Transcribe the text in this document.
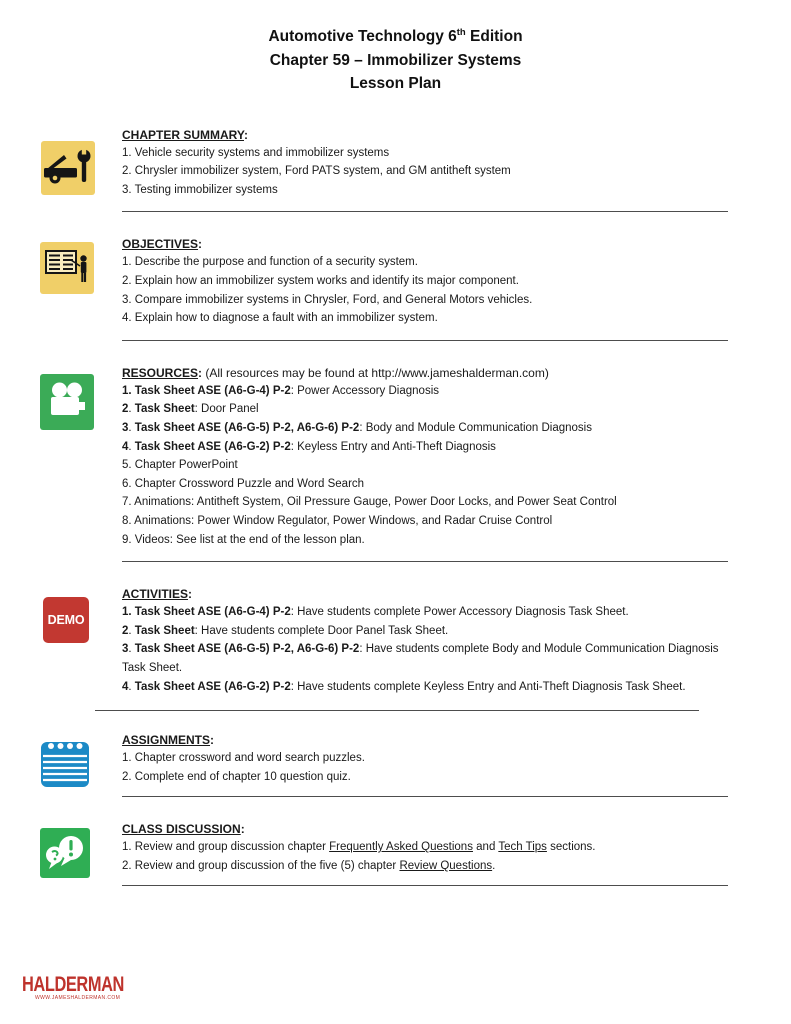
Automotive Technology 6th Edition
Chapter 59 – Immobilizer Systems
Lesson Plan
CHAPTER SUMMARY:
1. Vehicle security systems and immobilizer systems
2. Chrysler immobilizer system, Ford PATS system, and GM antitheft system
3. Testing immobilizer systems
OBJECTIVES:
1. Describe the purpose and function of a security system.
2. Explain how an immobilizer system works and identify its major component.
3. Compare immobilizer systems in Chrysler, Ford, and General Motors vehicles.
4. Explain how to diagnose a fault with an immobilizer system.
RESOURCES: (All resources may be found at http://www.jameshalderman.com)
1. Task Sheet ASE (A6-G-4) P-2: Power Accessory Diagnosis
2. Task Sheet: Door Panel
3. Task Sheet ASE (A6-G-5) P-2, A6-G-6) P-2: Body and Module Communication Diagnosis
4. Task Sheet ASE (A6-G-2) P-2: Keyless Entry and Anti-Theft Diagnosis
5. Chapter PowerPoint
6. Chapter Crossword Puzzle and Word Search
7. Animations: Antitheft System, Oil Pressure Gauge, Power Door Locks, and Power Seat Control
8. Animations: Power Window Regulator, Power Windows, and Radar Cruise Control
9. Videos: See list at the end of the lesson plan.
DEMO
ACTIVITIES:
1. Task Sheet ASE (A6-G-4) P-2: Have students complete Power Accessory Diagnosis Task Sheet.
2. Task Sheet: Have students complete Door Panel Task Sheet.
3. Task Sheet ASE (A6-G-5) P-2, A6-G-6) P-2: Have students complete Body and Module Communication Diagnosis Task Sheet.
4. Task Sheet ASE (A6-G-2) P-2: Have students complete Keyless Entry and Anti-Theft Diagnosis Task Sheet.
ASSIGNMENTS:
1. Chapter crossword and word search puzzles.
2. Complete end of chapter 10 question quiz.
CLASS DISCUSSION:
1. Review and group discussion chapter Frequently Asked Questions and Tech Tips sections.
2. Review and group discussion of the five (5) chapter Review Questions.
HALDERMAN
WWW.JAMESHALDERMAN.COM
